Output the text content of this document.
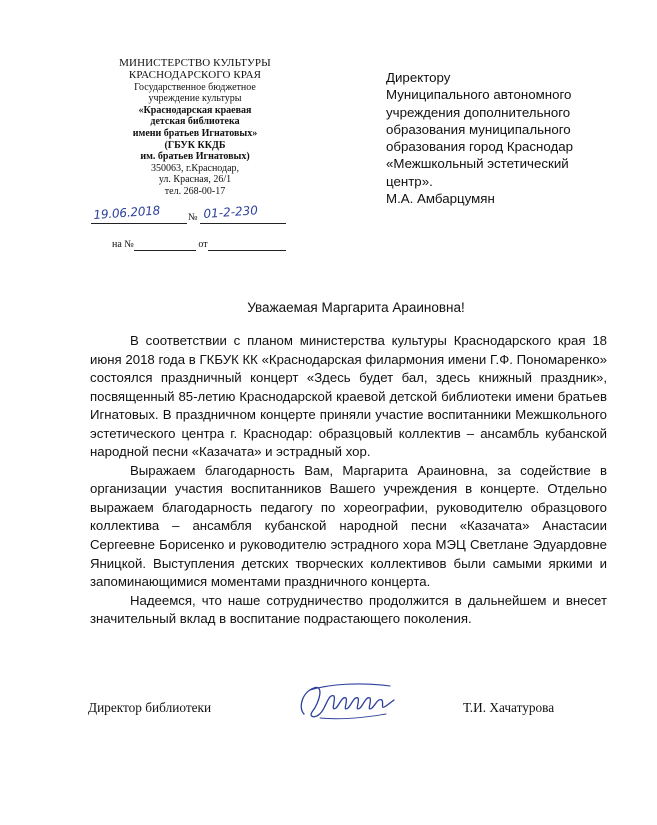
МИНИСТЕРСТВО КУЛЬТУРЫ
КРАСНОДАРСКОГО КРАЯ
Государственное бюджетное
учреждение культуры
«Краснодарская краевая
детская библиотека
имени братьев Игнатовых»
(ГБУК ККДБ
им. братьев Игнатовых)
350063, г.Краснодар,
ул. Красная, 26/1
тел. 268-00-17
19.06.2018	№ 01-2-230
на №	от
Директору
Муниципального автономного
учреждения дополнительного
образования муниципального
образования город Краснодар
«Межшкольный эстетический
центр».
М.А. Амбарцумян
Уважаемая Маргарита Араиновна!

В соответствии с планом министерства культуры Краснодарского края 18 июня 2018 года в ГКБУК КК «Краснодарская филармония имени Г.Ф. Пономаренко» состоялся праздничный концерт «Здесь будет бал, здесь книжный праздник», посвященный 85-летию Краснодарской краевой детской библиотеки имени братьев Игнатовых. В праздничном концерте приняли участие воспитанники Межшкольного эстетического центра г. Краснодар: образцовый коллектив – ансамбль кубанской народной песни «Казачата» и эстрадный хор.

Выражаем благодарность Вам, Маргарита Араиновна, за содействие в организации участия воспитанников Вашего учреждения в концерте. Отдельно выражаем благодарность педагогу по хореографии, руководителю образцового коллектива – ансамбля кубанской народной песни «Казачата» Анастасии Сергеевне Борисенко и руководителю эстрадного хора МЭЦ Светлане Эдуардовне Яницкой. Выступления детских творческих коллективов были самыми яркими и запоминающимися моментами праздничного концерта.

Надеемся, что наше сотрудничество продолжится в дальнейшем и внесет значительный вклад в воспитание подрастающего поколения.

Директор библиотеки	Т.И. Хачатурова
